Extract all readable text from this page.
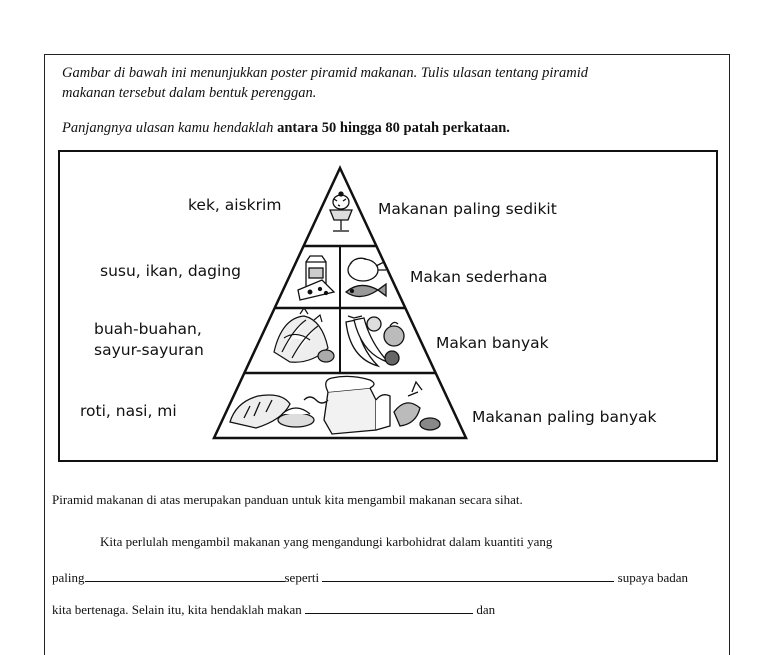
Gambar di bawah ini menunjukkan poster piramid makanan. Tulis ulasan tentang piramid
makanan tersebut dalam bentuk perenggan.
Panjangnya ulasan kamu hendaklah antara 50 hingga 80 patah perkataan.
kek, aiskrim	Makanan paling sedikit
susu, ikan, daging	Makan sederhana
buah-buahan,
sayur-sayuran	Makan banyak
roti, nasi, mi	Makanan paling banyak
Piramid makanan di atas merupakan panduan untuk kita mengambil makanan secara sihat.
Kita perlulah mengambil makanan yang mengandungi karbohidrat dalam kuantiti yang
paling	seperti	supaya badan
kita bertenaga. Selain itu, kita hendaklah makan	dan
